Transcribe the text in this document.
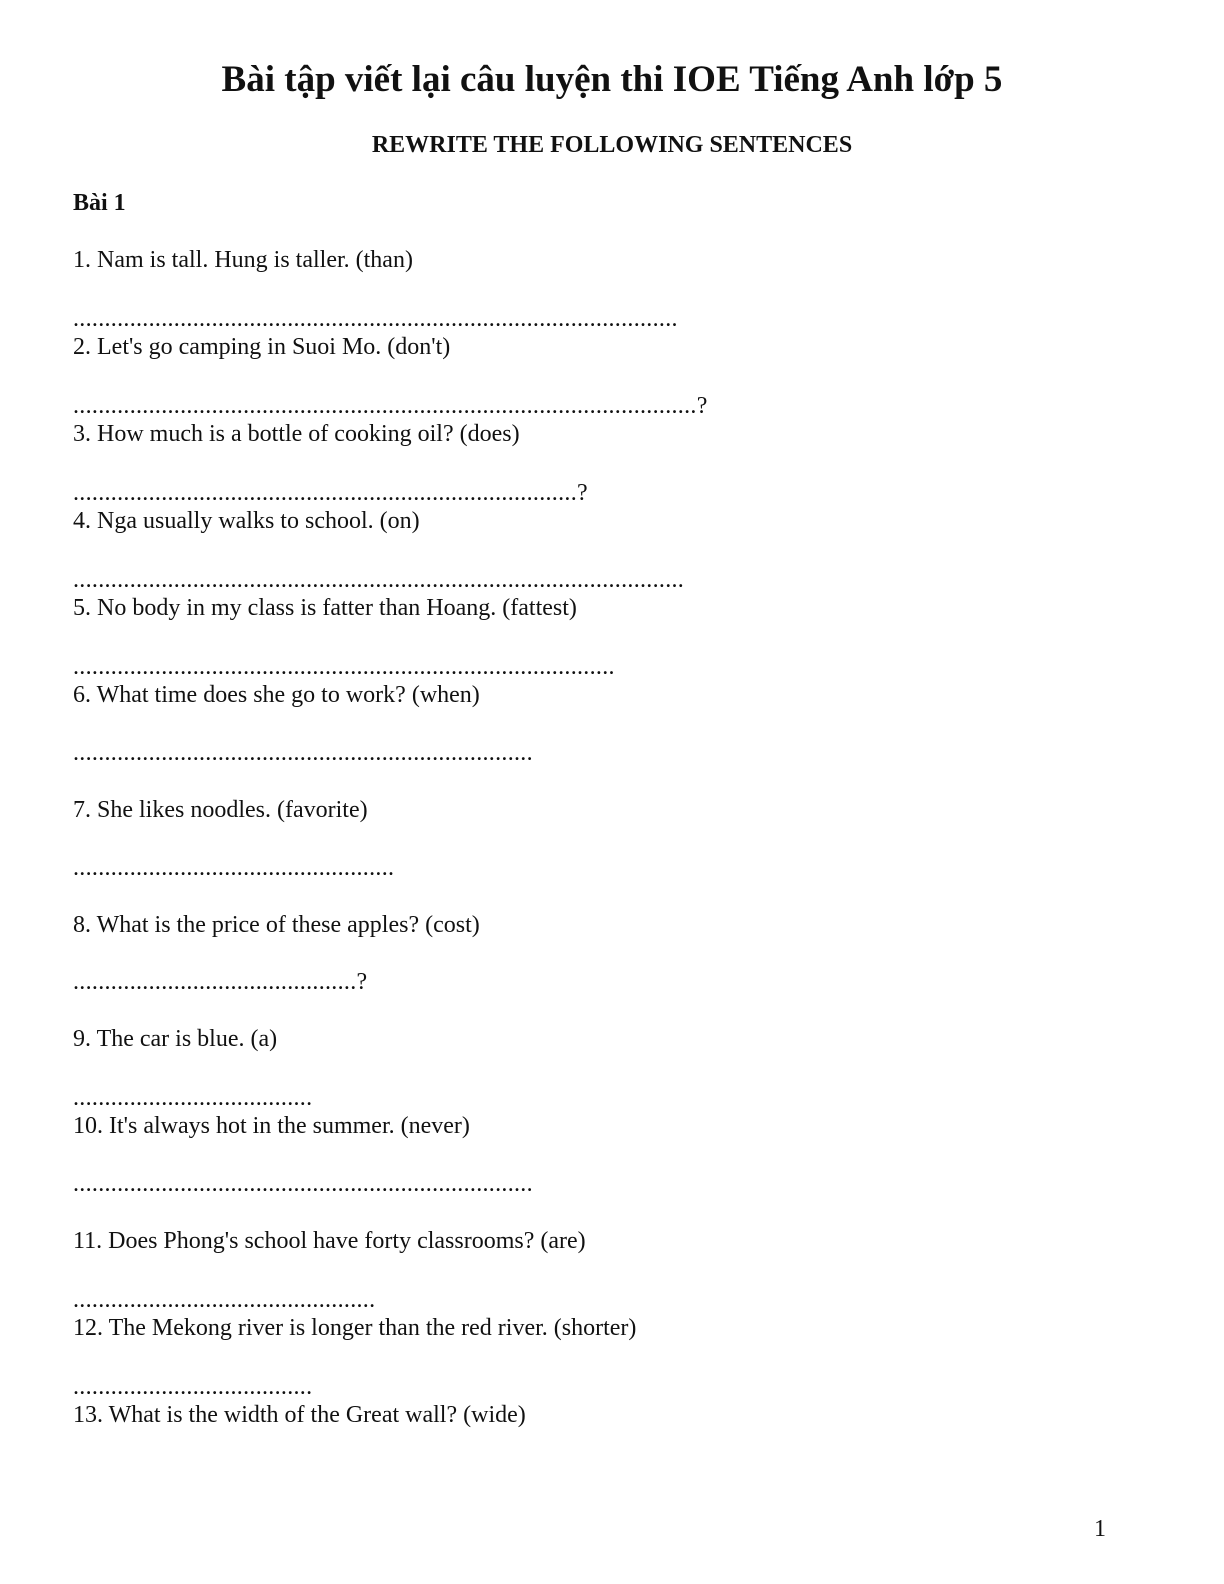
Bài tập viết lại câu luyện thi IOE Tiếng Anh lớp 5
REWRITE THE FOLLOWING SENTENCES
Bài 1
1. Nam is tall. Hung is taller. (than)
................................................................................................
2. Let's go camping in Suoi Mo. (don't)
...................................................................................................?
3. How much is a bottle of cooking oil? (does)
................................................................................?
4. Nga usually walks to school. (on)
.................................................................................................
5. No body in my class is fatter than Hoang. (fattest)
......................................................................................
6. What time does she go to work? (when)
.........................................................................
7. She likes noodles. (favorite)
...................................................
8. What is the price of these apples? (cost)
.............................................?
9. The car is blue. (a)
......................................
10. It's always hot in the summer. (never)
.........................................................................
11. Does Phong's school have forty classrooms? (are)
................................................
12. The Mekong river is longer than the red river. (shorter)
......................................
13. What is the width of the Great wall? (wide)
1
